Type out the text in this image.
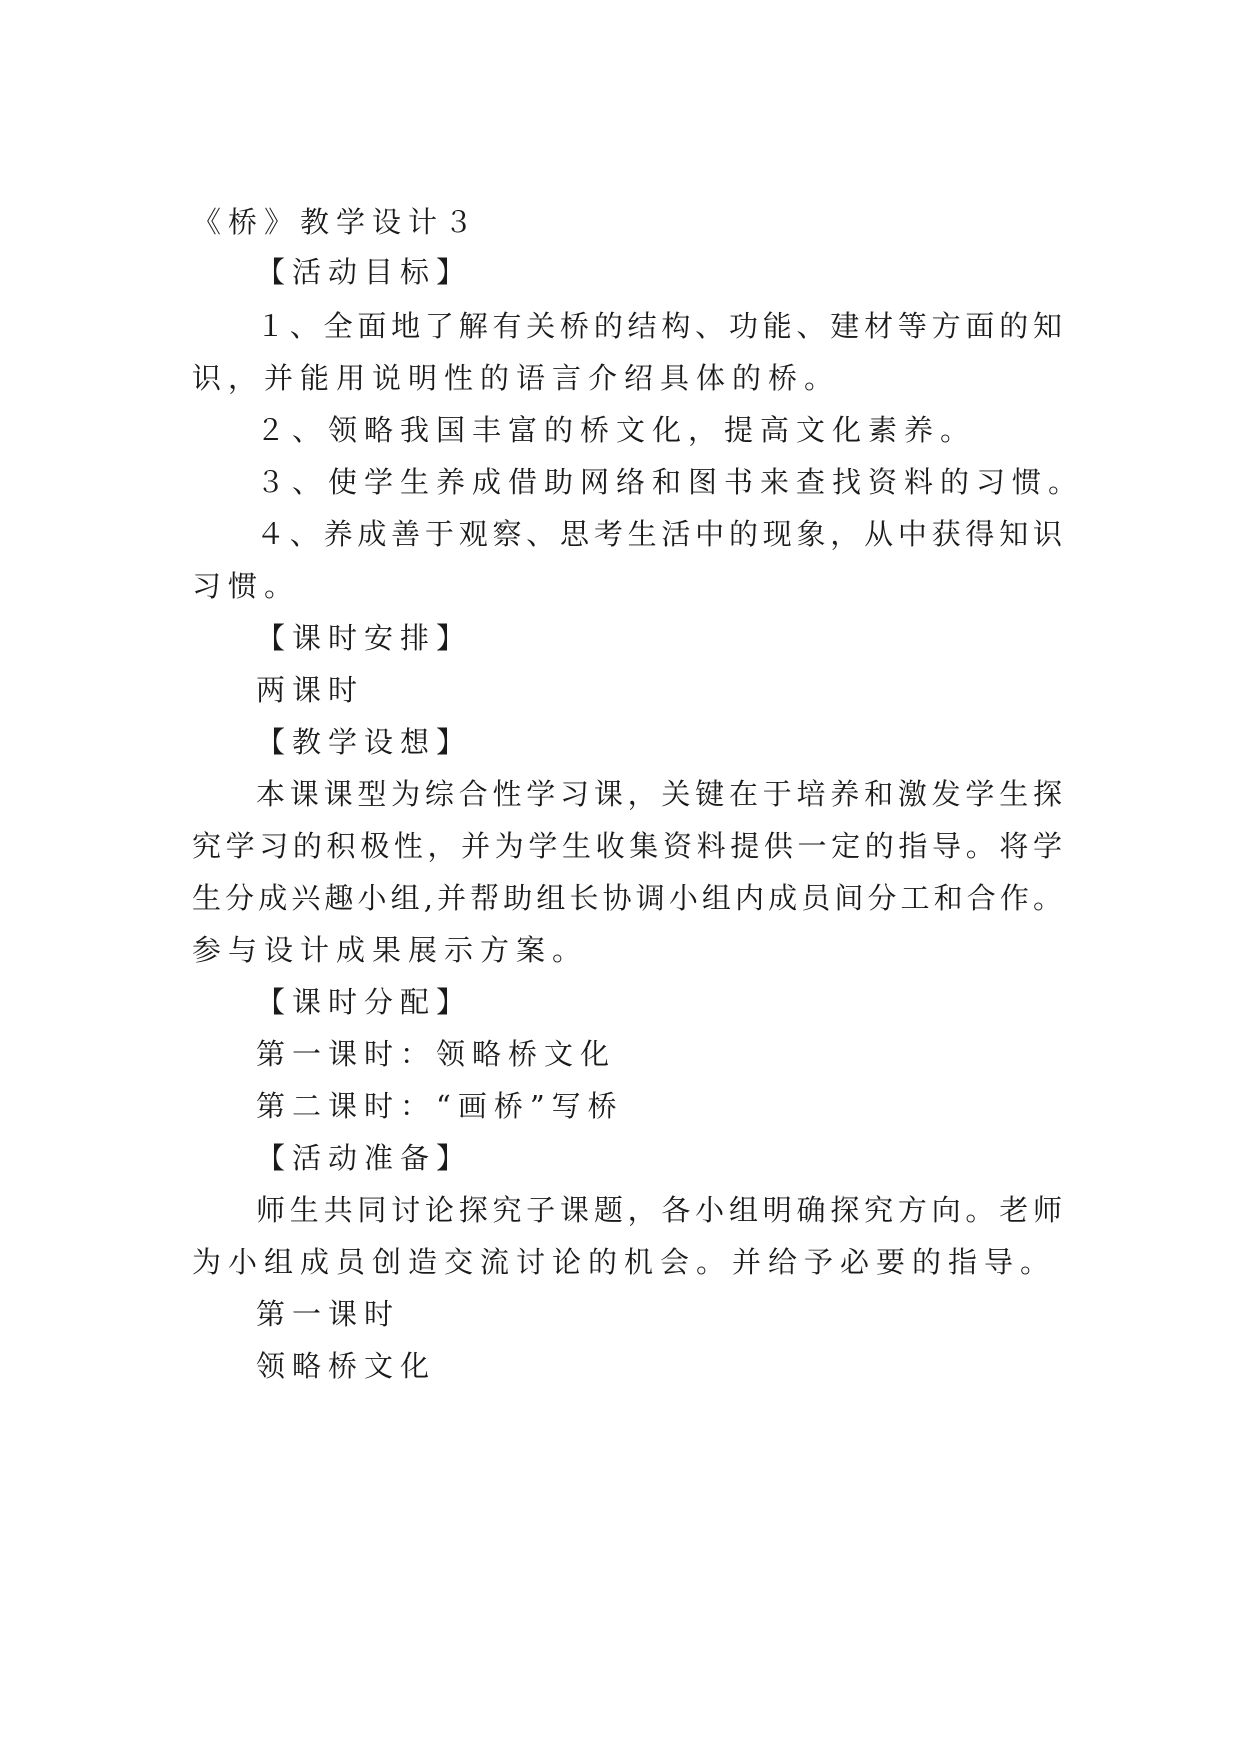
《桥》教学设计３
【活动目标】
１、全面地了解有关桥的结构、功能、建材等方面的知
识，并能用说明性的语言介绍具体的桥。
２、领略我国丰富的桥文化，提高文化素养。
３、使学生养成借助网络和图书来查找资料的习惯。
４、养成善于观察、思考生活中的现象，从中获得知识
习惯。
【课时安排】
两课时
【教学设想】
本课课型为综合性学习课，关键在于培养和激发学生探
究学习的积极性，并为学生收集资料提供一定的指导。将学
生分成兴趣小组,并帮助组长协调小组内成员间分工和合作。
参与设计成果展示方案。
【课时分配】
第一课时：领略桥文化
第二课时：“画桥”写桥
【活动准备】
师生共同讨论探究子课题，各小组明确探究方向。老师
为小组成员创造交流讨论的机会。并给予必要的指导。
第一课时
领略桥文化
